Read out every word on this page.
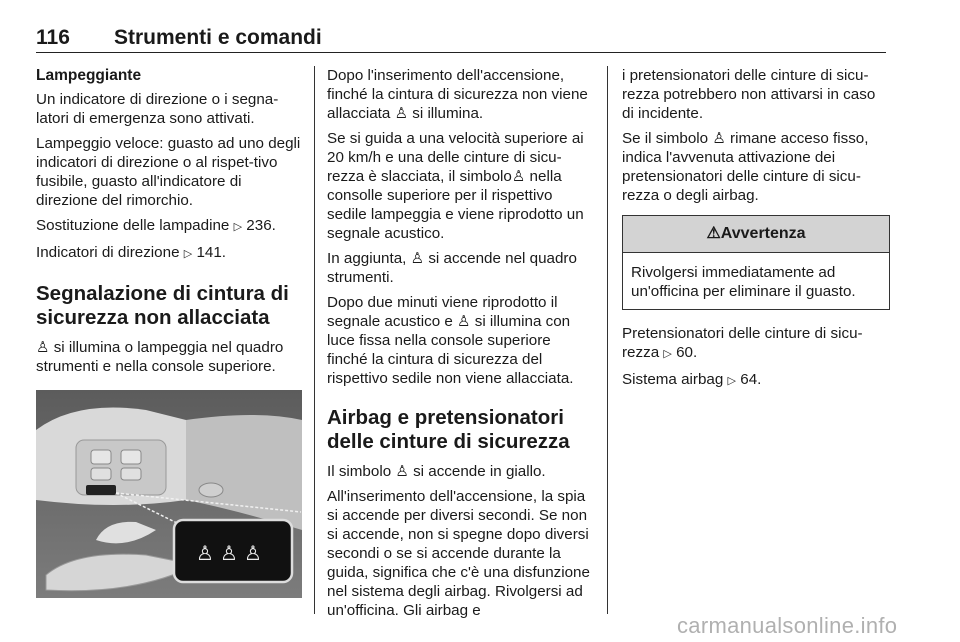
116 Strumenti e comandi
Lampeggiante

Un indicatore di direzione o i segna-latori di emergenza sono attivati.

Lampeggio veloce: guasto ad uno degli indicatori di direzione o al rispet-tivo fusibile, guasto all'indicatore di direzione del rimorchio.

Sostituzione delle lampadine ▷ 236.

Indicatori di direzione ▷ 141.

Segnalazione di cintura di sicurezza non allacciata

♙ si illumina o lampeggia nel quadro strumenti e nella console superiore.

♙ ♙ ♙

Dopo l'inserimento dell'accensione, finché la cintura di sicurezza non viene allacciata ♙ si illumina.

Se si guida a una velocità superiore ai 20 km/h e una delle cinture di sicu-rezza è slacciata, il simbolo♙ nella consolle superiore per il rispettivo sedile lampeggia e viene riprodotto un segnale acustico.

In aggiunta, ♙ si accende nel quadro strumenti.

Dopo due minuti viene riprodotto il segnale acustico e ♙ si illumina con luce fissa nella console superiore finché la cintura di sicurezza del rispettivo sedile non viene allacciata.

Airbag e pretensionatori delle cinture di sicurezza

Il simbolo ♙ si accende in giallo.

All'inserimento dell'accensione, la spia si accende per diversi secondi. Se non si accende, non si spegne dopo diversi secondi o se si accende durante la guida, significa che c'è una disfunzione nel sistema degli airbag. Rivolgersi ad un'officina. Gli airbag e

i pretensionatori delle cinture di sicu-rezza potrebbero non attivarsi in caso di incidente.

Se il simbolo ♙ rimane acceso fisso, indica l'avvenuta attivazione dei pretensionatori delle cinture di sicu-rezza o degli airbag.

⚠Avvertenza
Rivolgersi immediatamente ad un'officina per eliminare il guasto.

Pretensionatori delle cinture di sicu-rezza ▷ 60.

Sistema airbag ▷ 64.

carmanualsonline.info
